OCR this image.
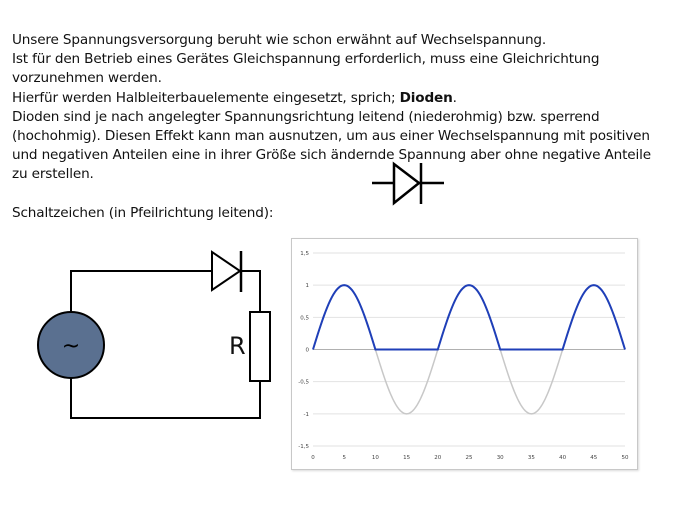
Unsere Spannungsversorgung beruht wie schon erwähnt auf Wechselspannung.

Ist für den Betrieb eines Gerätes Gleichspannung erforderlich, muss eine Gleichrichtung

vorzunehmen werden.

Hierfür werden Halbleiterbauelemente eingesetzt, sprich; Dioden.

Dioden sind je nach angelegter Spannungsrichtung leitend (niederohmig) bzw. sperrend

(hochohmig). Diesen Effekt kann man ausnutzen, um aus einer Wechselspannung mit positiven

und negativen Anteilen eine in ihrer Größe sich ändernde Spannung aber ohne negative Anteile

zu erstellen.

Schaltzeichen (in Pfeilrichtung leitend):

~	R
1,5
1
0,5
0
-0,5
-1
-1,5
0	5	10	15	20	25	30	35	40	45	50
